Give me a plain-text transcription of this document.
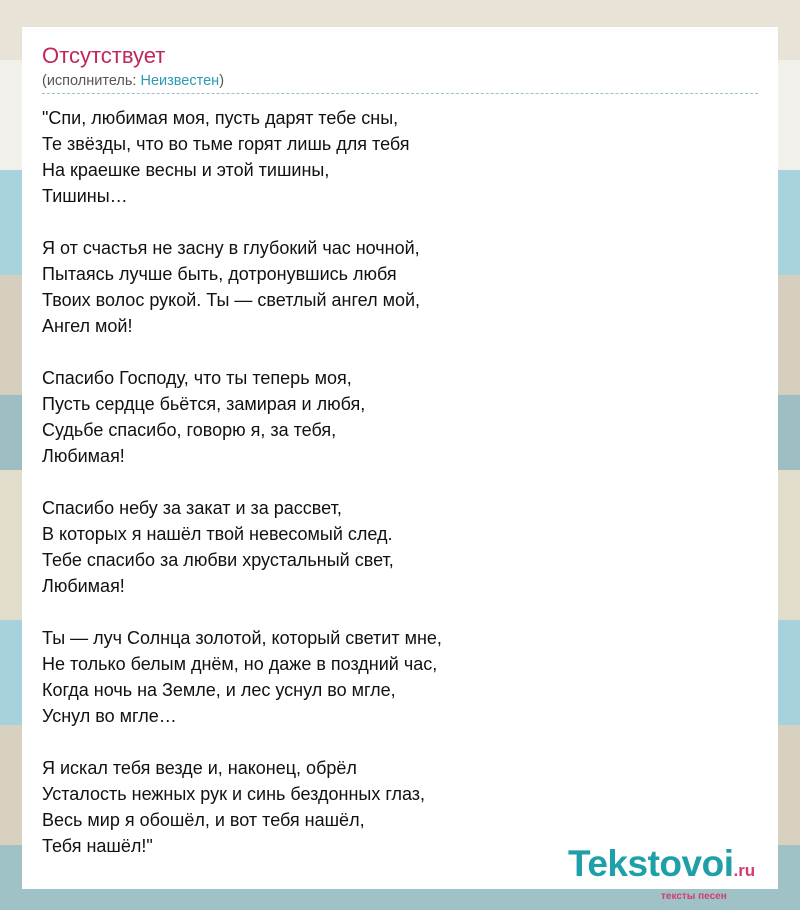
Отсутствует
(исполнитель: Неизвестен)
"Спи, любимая моя, пусть дарят тебе сны,
Те звёзды, что во тьме горят лишь для тебя
На краешке весны и этой тишины,
Тишины…
Я от счастья не засну в глубокий час ночной,
Пытаясь лучше быть, дотронувшись любя
Твоих волос рукой. Ты — светлый ангел мой,
Ангел мой!
Спасибо Господу, что ты теперь моя,
Пусть сердце бьётся, замирая и любя,
Судьбе спасибо, говорю я, за тебя,
Любимая!
Спасибо небу за закат и за рассвет,
В которых я нашёл твой невесомый след.
Тебе спасибо за любви хрустальный свет,
Любимая!
Ты — луч Солнца золотой, который светит мне,
Не только белым днём, но даже в поздний час,
Когда ночь на Земле, и лес уснул во мгле,
Уснул во мгле…
Я искал тебя везде и, наконец, обрёл
Усталость нежных рук и синь бездонных глаз,
Весь мир я обошёл, и вот тебя нашёл,
Тебя нашёл!"	Tekstovoi.ru
тексты песен
